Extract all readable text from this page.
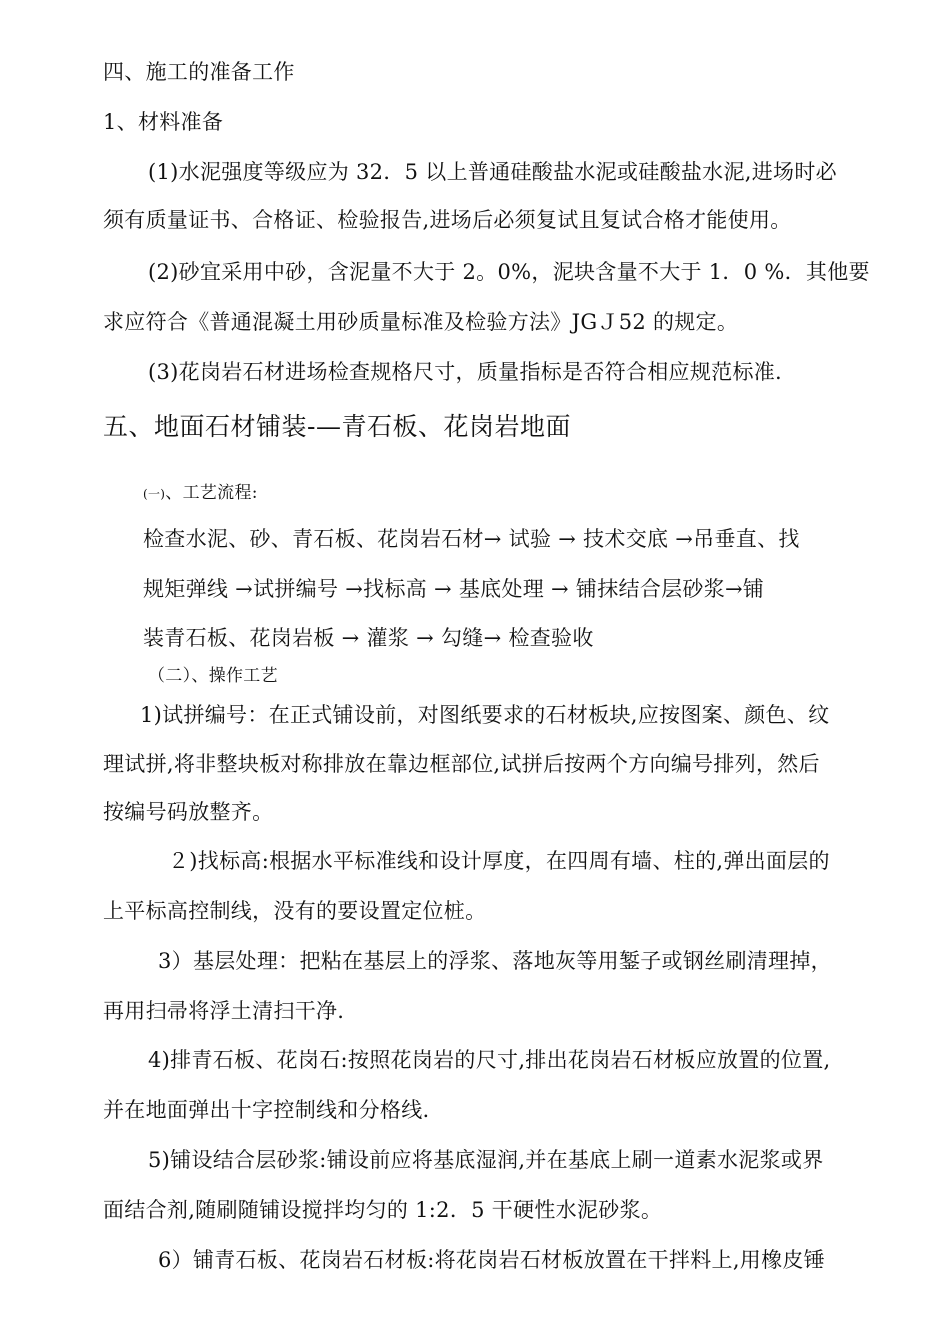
四、施工的准备工作
1、材料准备
(1)水泥强度等级应为 32．5 以上普通硅酸盐水泥或硅酸盐水泥,进场时必
须有质量证书、合格证、检验报告,进场后必须复试且复试合格才能使用。
(2)砂宜采用中砂，含泥量不大于 2。0%，泥块含量不大于 1．0 %．其他要
求应符合《普通混凝土用砂质量标准及检验方法》JGＪ52 的规定。
(3)花岗岩石材进场检查规格尺寸，质量指标是否符合相应规范标准.
五、地面石材铺装-—青石板、花岗岩地面
(一)、工艺流程:
检查水泥、砂、青石板、花岗岩石材→ 试验 → 技术交底 →吊垂直、找
规矩弹线 →试拼编号 →找标高 → 基底处理 → 铺抹结合层砂浆→铺
装青石板、花岗岩板 → 灌浆 → 勾缝→ 检查验收
（二）、操作工艺
1)试拼编号：在正式铺设前，对图纸要求的石材板块,应按图案、颜色、纹
理试拼,将非整块板对称排放在靠边框部位,试拼后按两个方向编号排列，然后
按编号码放整齐。
２)找标高:根据水平标准线和设计厚度，在四周有墙、柱的,弹出面层的
上平标高控制线，没有的要设置定位桩。
3）基层处理：把粘在基层上的浮浆、落地灰等用錾子或钢丝刷清理掉，
再用扫帚将浮土清扫干净.
4)排青石板、花岗石:按照花岗岩的尺寸,排出花岗岩石材板应放置的位置,
并在地面弹出十字控制线和分格线.
5)铺设结合层砂浆:铺设前应将基底湿润,并在基底上刷一道素水泥浆或界
面结合剂,随刷随铺设搅拌均匀的 1:2．5 干硬性水泥砂浆。
6）铺青石板、花岗岩石材板:将花岗岩石材板放置在干拌料上,用橡皮锤
